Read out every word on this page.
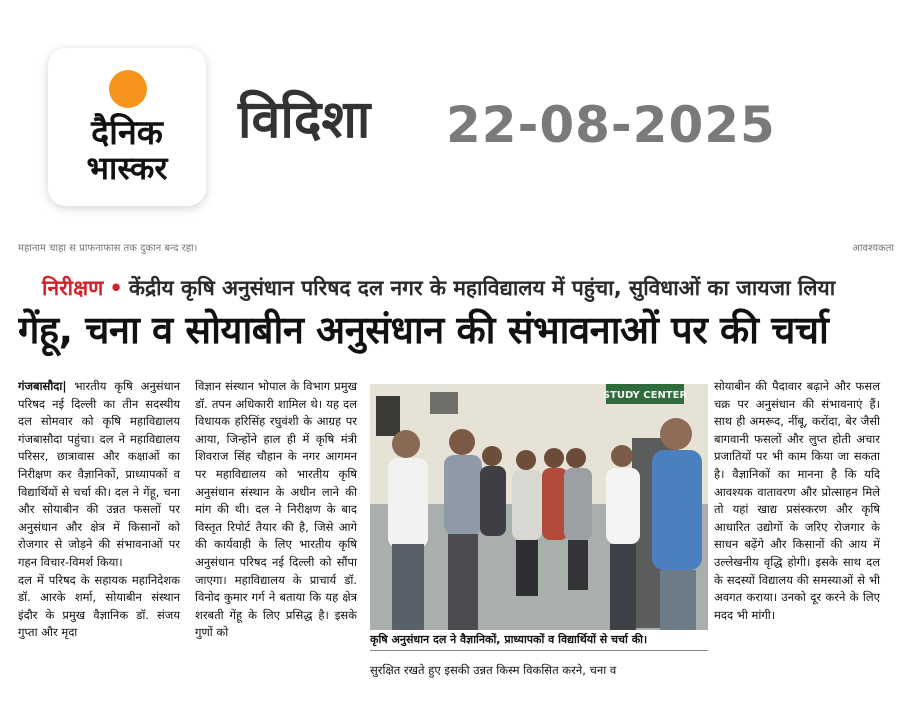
दैनिक
भास्कर
विदिशा 22-08-2025
महानाम चाहा स प्राफनाफास तक दुकान बन्द रहा।	आवश्यकता
निरीक्षण • केंद्रीय कृषि अनुसंधान परिषद दल नगर के महाविद्यालय में पहुंचा, सुविधाओं का जायजा लिया
गेंहू, चना व सोयाबीन अनुसंधान की संभावनाओं पर की चर्चा

गंजबासौदा| भारतीय कृषि अनुसंधान परिषद नई दिल्ली का तीन सदस्यीय दल सोमवार को कृषि महाविद्यालय गंजबासौदा पहुंचा। दल ने महाविद्यालय परिसर, छात्रावास और कक्षाओं का निरीक्षण कर वैज्ञानिकों, प्राध्यापकों व विद्यार्थियों से चर्चा की। दल ने गेंहू, चना और सोयाबीन की उन्नत फसलों पर अनुसंधान और क्षेत्र में किसानों को रोजगार से जोड़ने की संभावनाओं पर गहन विचार-विमर्श किया।

दल में परिषद के सहायक महानिदेशक डॉ. आरके शर्मा, सोयाबीन संस्थान इंदौर के प्रमुख वैज्ञानिक डॉ. संजय गुप्ता और मृदा

विज्ञान संस्थान भोपाल के विभाग प्रमुख डॉ. तपन अधिकारी शामिल थे। यह दल विधायक हरिसिंह रघुवंशी के आग्रह पर आया, जिन्होंने हाल ही में कृषि मंत्री शिवराज सिंह चौहान के नगर आगमन पर महाविद्यालय को भारतीय कृषि अनुसंधान संस्थान के अधीन लाने की मांग की थी। दल ने निरीक्षण के बाद विस्तृत रिपोर्ट तैयार की है, जिसे आगे की कार्यवाही के लिए भारतीय कृषि अनुसंधान परिषद नई दिल्ली को सौंपा जाएगा। महाविद्यालय के प्राचार्य डॉ. विनोद कुमार गर्ग ने बताया कि यह क्षेत्र शरबती गेंहू के लिए प्रसिद्ध है। इसके गुणों को
STUDY CENTER
कृषि अनुसंधान दल ने वैज्ञानिकों, प्राध्यापकों व विद्यार्थियों से चर्चा की।
सुरक्षित रखते हुए इसकी उन्नत किस्म विकसित करने, चना व
सोयाबीन की पैदावार बढ़ाने और फसल चक्र पर अनुसंधान की संभावनाएं हैं। साथ ही अमरूद, नींबू, करोंदा, बेर जैसी बागवानी फसलों और लुप्त होती अचार प्रजातियों पर भी काम किया जा सकता है। वैज्ञानिकों का मानना है कि यदि आवश्यक वातावरण और प्रोत्साहन मिले तो यहां खाद्य प्रसंस्करण और कृषि आधारित उद्योगों के जरिए रोजगार के साधन बढ़ेंगे और किसानों की आय में उल्लेखनीय वृद्धि होगी। इसके साथ दल के सदस्यों विद्यालय की समस्याओं से भी अवगत कराया। उनको दूर करने के लिए मदद भी मांगी।
